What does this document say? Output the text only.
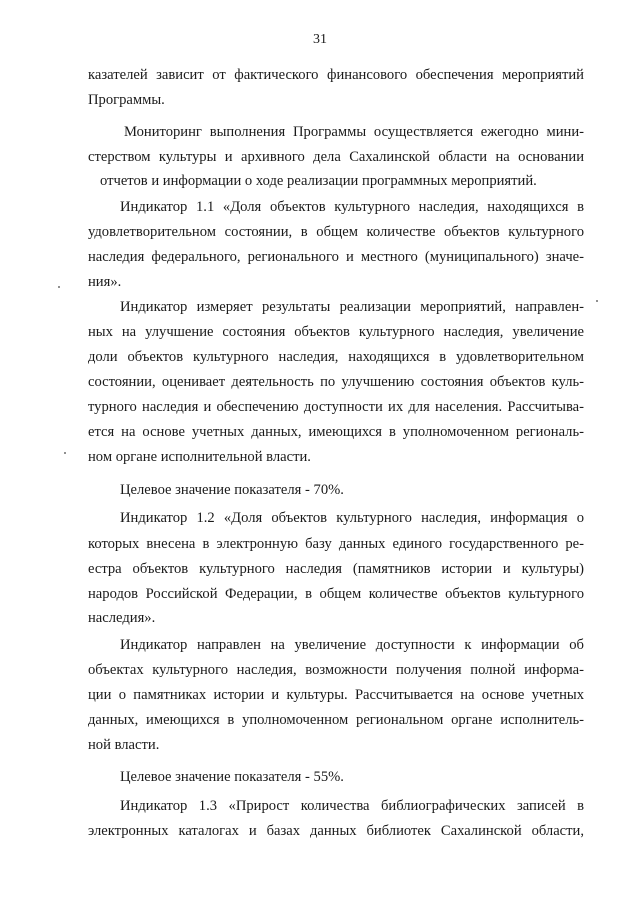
31
казателей зависит от фактического финансового обеспечения мероприятий
Программы.
Мониторинг выполнения Программы осуществляется ежегодно мини-
стерством культуры и архивного дела Сахалинской области на основании
отчетов и информации о ходе реализации программных мероприятий.
Индикатор 1.1 «Доля объектов культурного наследия, находящихся в
удовлетворительном состоянии, в общем количестве объектов культурного
наследия федерального, регионального и местного (муниципального) значе-
ния».
Индикатор измеряет результаты реализации мероприятий, направлен-
ных на улучшение состояния объектов культурного наследия, увеличение
доли объектов культурного наследия, находящихся в удовлетворительном
состоянии, оценивает деятельность по улучшению состояния объектов куль-
турного наследия и обеспечению доступности их для населения. Рассчитыва-
ется на основе учетных данных, имеющихся в уполномоченном региональ-
ном органе исполнительной власти.
Целевое значение показателя - 70%.
Индикатор 1.2 «Доля объектов культурного наследия, информация о
которых внесена в электронную базу данных единого государственного ре-
естра объектов культурного наследия (памятников истории и культуры)
народов Российской Федерации, в общем количестве объектов культурного
наследия».
Индикатор направлен на увеличение доступности к информации об
объектах культурного наследия, возможности получения полной информа-
ции о памятниках истории и культуры. Рассчитывается на основе учетных
данных, имеющихся в уполномоченном региональном органе исполнитель-
ной власти.
Целевое значение показателя - 55%.
Индикатор 1.3 «Прирост количества библиографических записей в
электронных каталогах и базах данных библиотек Сахалинской области,
